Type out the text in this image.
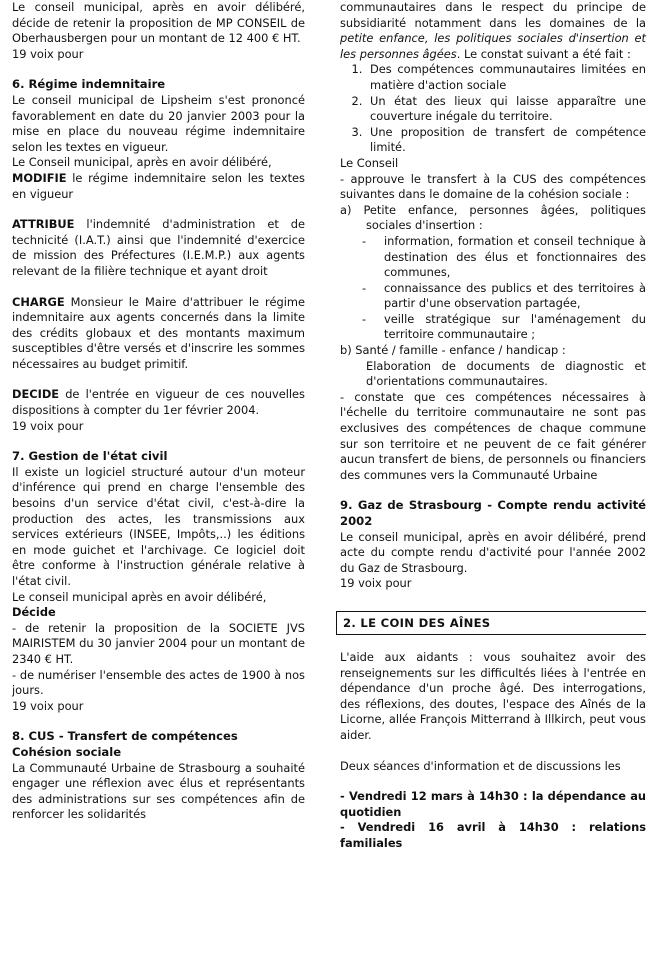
Le conseil municipal, après en avoir délibéré, décide de retenir la proposition de MP CONSEIL de Oberhausbergen pour un montant de 12 400 € HT.

19 voix pour

6. Régime indemnitaire

Le conseil municipal de Lipsheim s'est prononcé favorablement en date du 20 janvier 2003 pour la mise en place du nouveau régime indemnitaire selon les textes en vigueur.

Le Conseil municipal, après en avoir délibéré,

MODIFIE le régime indemnitaire selon les textes en vigueur

ATTRIBUE l'indemnité d'administration et de technicité (I.A.T.) ainsi que l'indemnité d'exercice de mission des Préfectures (I.E.M.P.) aux agents relevant de la filière technique et ayant droit

CHARGE Monsieur le Maire d'attribuer le régime indemnitaire aux agents concernés dans la limite des crédits globaux et des montants maximum susceptibles d'être versés et d'inscrire les sommes nécessaires au budget primitif.

DECIDE de l'entrée en vigueur de ces nouvelles dispositions à compter du 1er février 2004.

19 voix pour

7. Gestion de l'état civil

Il existe un logiciel structuré autour d'un moteur d'inférence qui prend en charge l'ensemble des besoins d'un service d'état civil, c'est-à-dire la production des actes, les transmissions aux services extérieurs (INSEE, Impôts,..) les éditions en mode guichet et l'archivage. Ce logiciel doit être conforme à l'instruction générale relative à l'état civil.

Le conseil municipal après en avoir délibéré,

Décide

- de retenir la proposition de la SOCIETE JVS MAIRISTEM du 30 janvier 2004 pour un montant de 2340 € HT.

- de numériser l'ensemble des actes de 1900 à nos jours.

19 voix pour

8. CUS - Transfert de compétences

Cohésion sociale

La Communauté Urbaine de Strasbourg a souhaité engager une réflexion avec élus et représentants des administrations sur ses compétences afin de renforcer les solidarités

communautaires dans le respect du principe de subsidiarité notamment dans les domaines de la petite enfance, les politiques sociales d'insertion et les personnes âgées. Le constat suivant a été fait :

1. Des compétences communautaires limitées en matière d'action sociale
2. Un état des lieux qui laisse apparaître une couverture inégale du territoire.
3. Une proposition de transfert de compétence limité.

Le Conseil

- approuve le transfert à la CUS des compétences suivantes dans le domaine de la cohésion sociale :

a) Petite enfance, personnes âgées, politiques sociales d'insertion :

- information, formation et conseil technique à destination des élus et fonctionnaires des communes,
- connaissance des publics et des territoires à partir d'une observation partagée,
- veille stratégique sur l'aménagement du territoire communautaire ;

b) Santé / famille - enfance / handicap :

Elaboration de documents de diagnostic et d'orientations communautaires.

- constate que ces compétences nécessaires à l'échelle du territoire communautaire ne sont pas exclusives des compétences de chaque commune sur son territoire et ne peuvent de ce fait générer aucun transfert de biens, de personnels ou financiers des communes vers la Communauté Urbaine

9. Gaz de Strasbourg - Compte rendu activité 2002

Le conseil municipal, après en avoir délibéré, prend acte du compte rendu d'activité pour l'année 2002 du Gaz de Strasbourg.

19 voix pour

2. LE COIN DES AÎNES

L'aide aux aidants : vous souhaitez avoir des renseignements sur les difficultés liées à l'entrée en dépendance d'un proche âgé. Des interrogations, des réflexions, des doutes, l'espace des Aînés de la Licorne, allée François Mitterrand à Illkirch, peut vous aider.

Deux séances d'information et de discussions les

- Vendredi 12 mars à 14h30 : la dépendance au quotidien

- Vendredi 16 avril à 14h30 : relations familiales
